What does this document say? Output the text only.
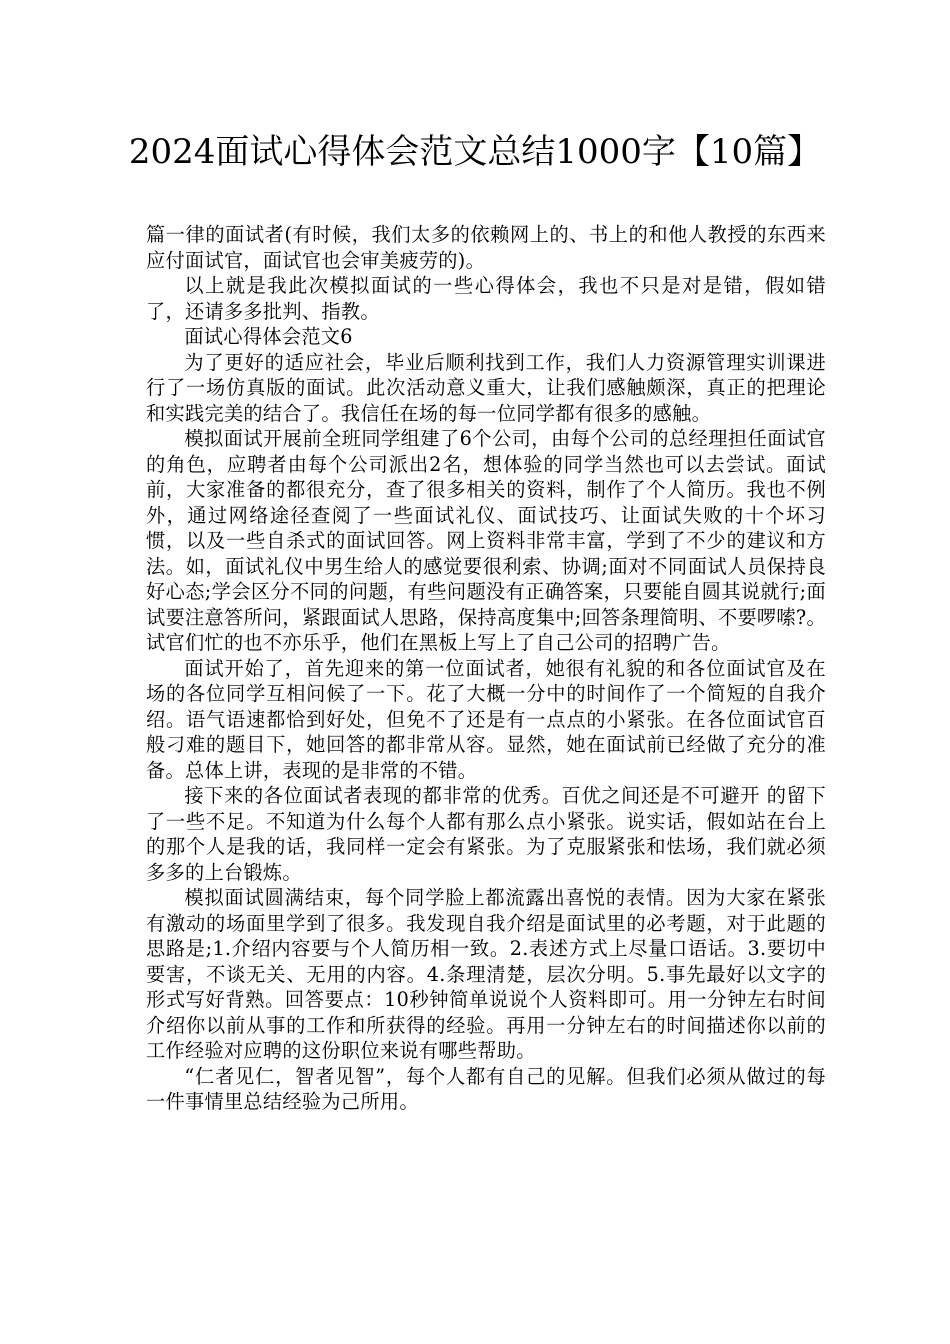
2024面试心得体会范文总结1000字【10篇】

篇一律的面试者(有时候，我们太多的依赖网上的、书上的和他人教授的东西来应付面试官，面试官也会审美疲劳的)。

以上就是我此次模拟面试的一些心得体会，我也不只是对是错，假如错了，还请多多批判、指教。

面试心得体会范文6

为了更好的适应社会，毕业后顺利找到工作，我们人力资源管理实训课进行了一场仿真版的面试。此次活动意义重大，让我们感触颇深，真正的把理论和实践完美的结合了。我信任在场的每一位同学都有很多的感触。

模拟面试开展前全班同学组建了6个公司，由每个公司的总经理担任面试官的角色，应聘者由每个公司派出2名，想体验的同学当然也可以去尝试。面试前，大家准备的都很充分，查了很多相关的资料，制作了个人简历。我也不例外，通过网络途径查阅了一些面试礼仪、面试技巧、让面试失败的十个坏习惯，以及一些自杀式的面试回答。网上资料非常丰富，学到了不少的建议和方法。如，面试礼仪中男生给人的感觉要很利索、协调;面对不同面试人员保持良好心态;学会区分不同的问题，有些问题没有正确答案，只要能自圆其说就行;面试要注意答所问，紧跟面试人思路，保持高度集中;回答条理简明、不要啰嗦?。试官们忙的也不亦乐乎，他们在黑板上写上了自己公司的招聘广告。

面试开始了，首先迎来的第一位面试者，她很有礼貌的和各位面试官及在场的各位同学互相问候了一下。花了大概一分中的时间作了一个简短的自我介绍。语气语速都恰到好处，但免不了还是有一点点的小紧张。在各位面试官百般刁难的题目下，她回答的都非常从容。显然，她在面试前已经做了充分的准备。总体上讲，表现的是非常的不错。

接下来的各位面试者表现的都非常的优秀。百优之间还是不可避开 的留下了一些不足。不知道为什么每个人都有那么点小紧张。说实话，假如站在台上的那个人是我的话，我同样一定会有紧张。为了克服紧张和怯场，我们就必须多多的上台锻炼。

模拟面试圆满结束，每个同学脸上都流露出喜悦的表情。因为大家在紧张有激动的场面里学到了很多。我发现自我介绍是面试里的必考题，对于此题的思路是;1.介绍内容要与个人简历相一致。2.表述方式上尽量口语话。3.要切中要害，不谈无关、无用的内容。4.条理清楚，层次分明。5.事先最好以文字的形式写好背熟。回答要点：10秒钟简单说说个人资料即可。用一分钟左右时间介绍你以前从事的工作和所获得的经验。再用一分钟左右的时间描述你以前的工作经验对应聘的这份职位来说有哪些帮助。

“仁者见仁，智者见智”，每个人都有自己的见解。但我们必须从做过的每一件事情里总结经验为己所用。
